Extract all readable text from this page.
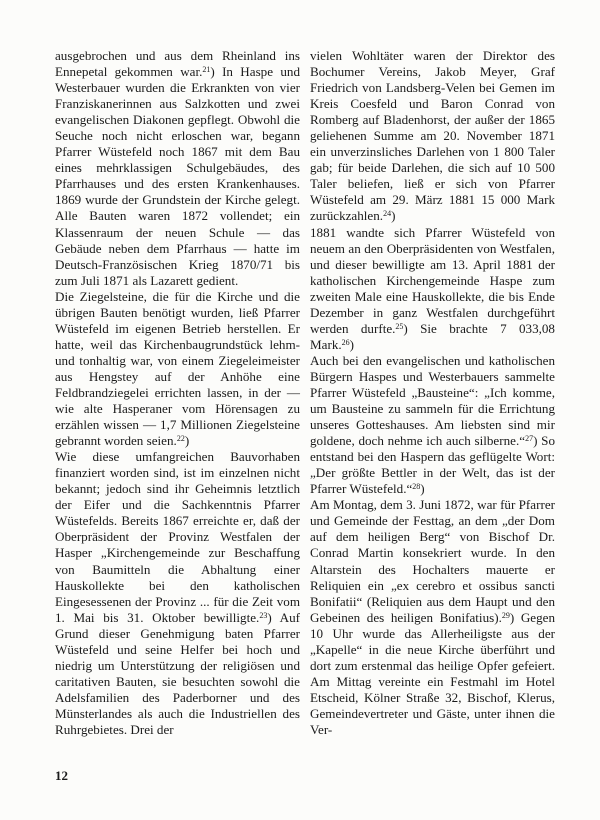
ausgebrochen und aus dem Rheinland ins Ennepetal gekommen war.$^{21}$) In Haspe und Westerbauer wurden die Erkrankten von vier Franziskanerinnen aus Salzkotten und zwei evangelischen Diakonen gepflegt. Obwohl die Seuche noch nicht erloschen war, begann Pfarrer Wüstefeld noch 1867 mit dem Bau eines mehrklassigen Schulgebäudes, des Pfarrhauses und des ersten Krankenhauses. 1869 wurde der Grundstein der Kirche gelegt. Alle Bauten waren 1872 vollendet; ein Klassenraum der neuen Schule — das Gebäude neben dem Pfarrhaus — hatte im Deutsch-Französischen Krieg 1870/71 bis zum Juli 1871 als Lazarett gedient.

Die Ziegelsteine, die für die Kirche und die übrigen Bauten benötigt wurden, ließ Pfarrer Wüstefeld im eigenen Betrieb herstellen. Er hatte, weil das Kirchenbaugrundstück lehm- und tonhaltig war, von einem Ziegeleimeister aus Hengstey auf der Anhöhe eine Feldbrandziegelei errichten lassen, in der — wie alte Hasperaner vom Hörensagen zu erzählen wissen — 1,7 Millionen Ziegelsteine gebrannt worden seien.$^{22}$)

Wie diese umfangreichen Bauvorhaben finanziert worden sind, ist im einzelnen nicht bekannt; jedoch sind ihr Geheimnis letztlich der Eifer und die Sachkenntnis Pfarrer Wüstefelds. Bereits 1867 erreichte er, daß der Oberpräsident der Provinz Westfalen der Hasper „Kirchengemeinde zur Beschaffung von Baumitteln die Abhaltung einer Hauskollekte bei den katholischen Eingesessenen der Provinz ... für die Zeit vom 1. Mai bis 31. Oktober bewilligte.$^{23}$) Auf Grund dieser Genehmigung baten Pfarrer Wüstefeld und seine Helfer bei hoch und niedrig um Unterstützung der religiösen und caritativen Bauten, sie besuchten sowohl die Adelsfamilien des Paderborner und des Münsterlandes als auch die Industriellen des Ruhrgebietes. Drei der

vielen Wohltäter waren der Direktor des Bochumer Vereins, Jakob Meyer, Graf Friedrich von Landsberg-Velen bei Gemen im Kreis Coesfeld und Baron Conrad von Romberg auf Bladenhorst, der außer der 1865 geliehenen Summe am 20. November 1871 ein unverzinsliches Darlehen von 1 800 Taler gab; für beide Darlehen, die sich auf 10 500 Taler beliefen, ließ er sich von Pfarrer Wüstefeld am 29. März 1881 15 000 Mark zurückzahlen.$^{24}$)

1881 wandte sich Pfarrer Wüstefeld von neuem an den Oberpräsidenten von Westfalen, und dieser bewilligte am 13. April 1881 der katholischen Kirchengemeinde Haspe zum zweiten Male eine Hauskollekte, die bis Ende Dezember in ganz Westfalen durchgeführt werden durfte.$^{25}$) Sie brachte 7 033,08 Mark.$^{26}$)

Auch bei den evangelischen und katholischen Bürgern Haspes und Westerbauers sammelte Pfarrer Wüstefeld „Bausteine“: „Ich komme, um Bausteine zu sammeln für die Errichtung unseres Gotteshauses. Am liebsten sind mir goldene, doch nehme ich auch silberne.“$^{27}$) So entstand bei den Haspern das geflügelte Wort: „Der größte Bettler in der Welt, das ist der Pfarrer Wüstefeld.“$^{28}$)

Am Montag, dem 3. Juni 1872, war für Pfarrer und Gemeinde der Festtag, an dem „der Dom auf dem heiligen Berg“ von Bischof Dr. Conrad Martin konsekriert wurde. In den Altarstein des Hochalters mauerte er Reliquien ein „ex cerebro et ossibus sancti Bonifatii“ (Reliquien aus dem Haupt und den Gebeinen des heiligen Bonifatius).$^{29}$) Gegen 10 Uhr wurde das Allerheiligste aus der „Kapelle“ in die neue Kirche überführt und dort zum erstenmal das heilige Opfer gefeiert. Am Mittag vereinte ein Festmahl im Hotel Etscheid, Kölner Straße 32, Bischof, Klerus, Gemeindevertreter und Gäste, unter ihnen die Ver-

12
